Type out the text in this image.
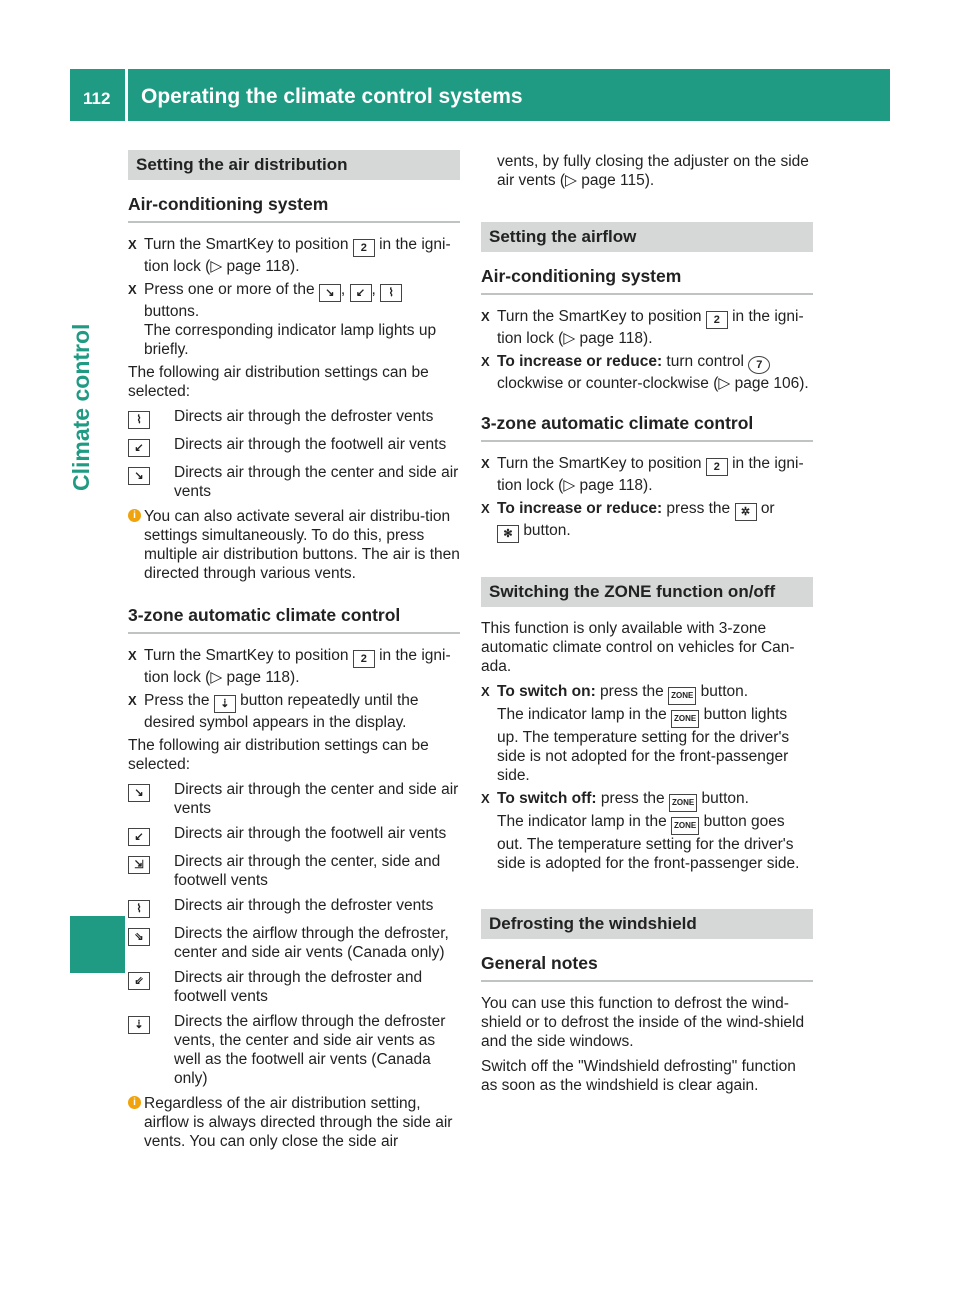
112 Operating the climate control systems
Climate control
Setting the air distribution
Air-conditioning system
X Turn the SmartKey to position 2 in the igni-tion lock (▷ page 118).
X Press one or more of the ↘ , ↙ , ⌇ buttons.
The corresponding indicator lamp lights up briefly.

The following air distribution settings can be selected:

⌇	Directs air through the defroster vents
↙	Directs air through the footwell air vents
↘	Directs air through the center and side air vents
i You can also activate several air distribu-tion settings simultaneously. To do this, press multiple air distribution buttons. The air is then directed through various vents.
3-zone automatic climate control
X Turn the SmartKey to position 2 in the igni-tion lock (▷ page 118).
X Press the ⇣ button repeatedly until the desired symbol appears in the display.

The following air distribution settings can be selected:

↘	Directs air through the center and side air vents
↙	Directs air through the footwell air vents
⇲	Directs air through the center, side and footwell vents
⌇	Directs air through the defroster vents
⇘	Directs the airflow through the defroster, center and side air vents (Canada only)
⇙	Directs air through the defroster and footwell vents
⇣	Directs the airflow through the defroster vents, the center and side air vents as well as the footwell air vents (Canada only)
i Regardless of the air distribution setting, airflow is always directed through the side air vents. You can only close the side air

vents, by fully closing the adjuster on the side air vents (▷ page 115).

Setting the airflow
Air-conditioning system
X Turn the SmartKey to position 2 in the igni-tion lock (▷ page 118).
X To increase or reduce: turn control 7 clockwise or counter-clockwise (▷ page 106).
3-zone automatic climate control
X Turn the SmartKey to position 2 in the igni-tion lock (▷ page 118).
X To increase or reduce: press the ✲ or
✻ button.
Switching the ZONE function on/off

This function is only available with 3-zone automatic climate control on vehicles for Can-ada.

X To switch on: press the ZONE button.
The indicator lamp in the ZONE button lights up. The temperature setting for the driver's side is not adopted for the front-passenger side.
X To switch off: press the ZONE button.
The indicator lamp in the ZONE button goes out. The temperature setting for the driver's side is adopted for the front-passenger side.
Defrosting the windshield
General notes

You can use this function to defrost the wind-shield or to defrost the inside of the wind-shield and the side windows.

Switch off the "Windshield defrosting" function as soon as the windshield is clear again.
